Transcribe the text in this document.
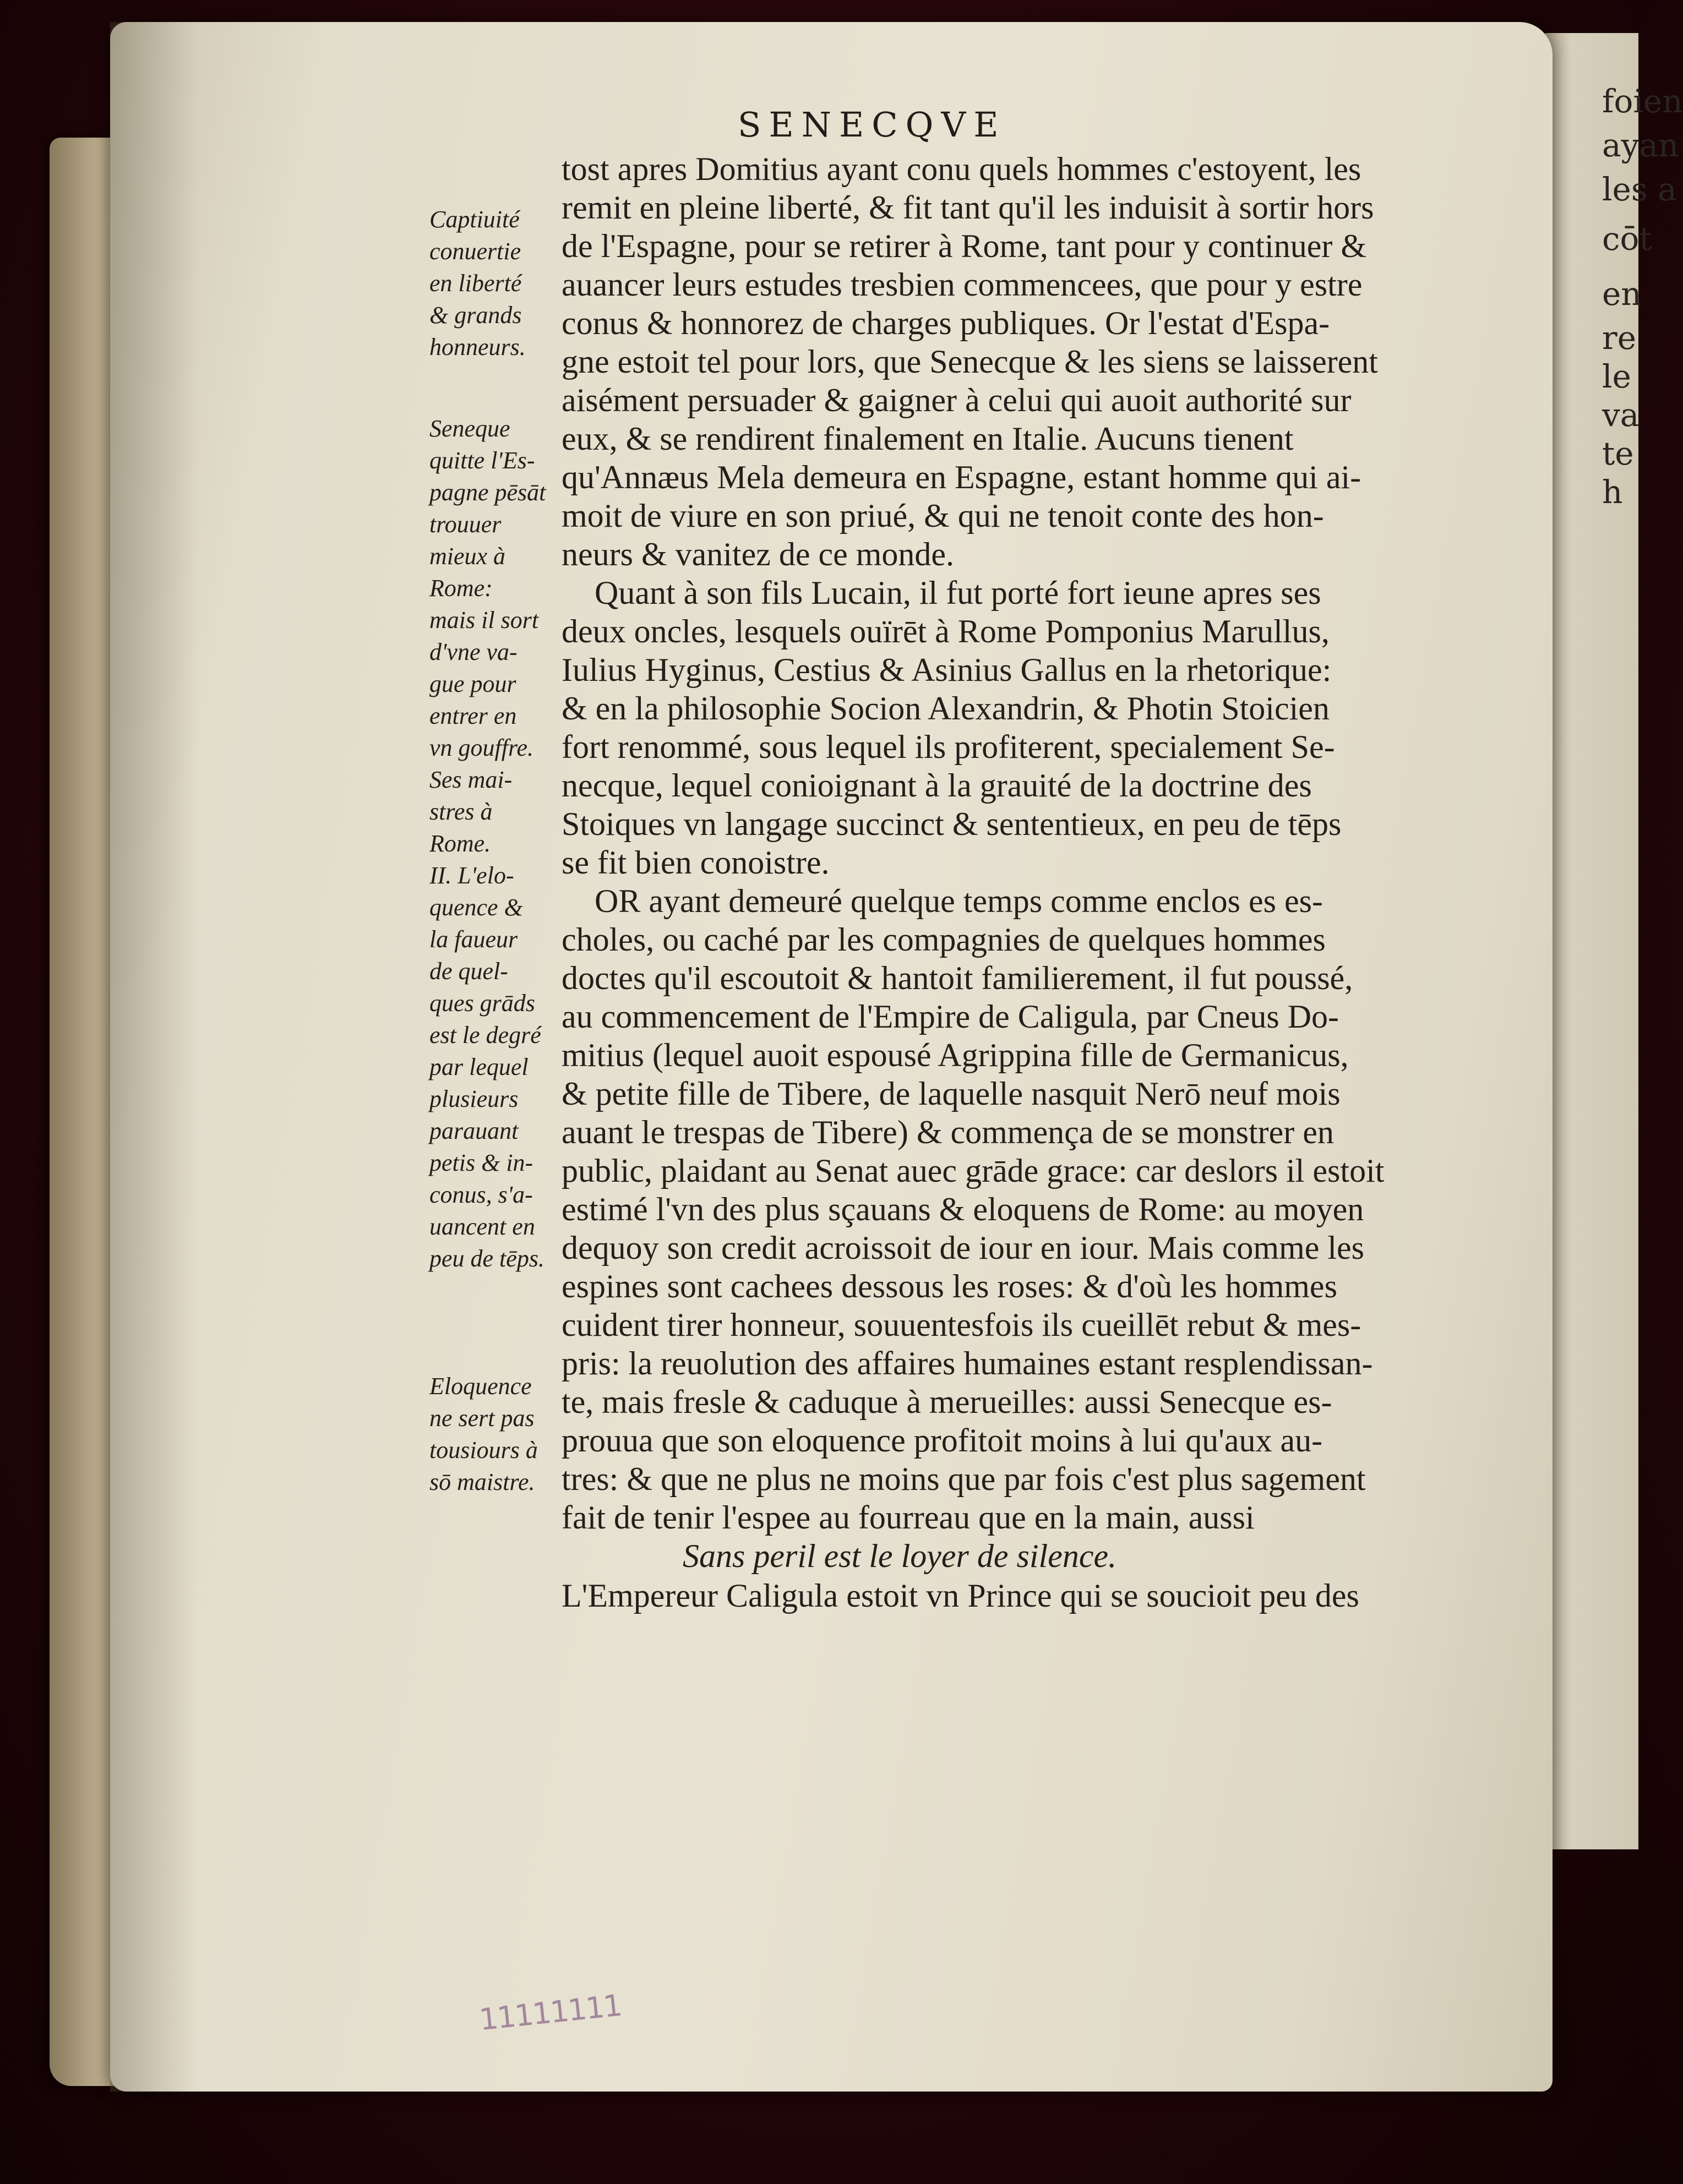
foien
ayan
les a
cōt
en
re
le
va
te
h
SENECQVE
tost apres Domitius ayant conu quels hommes c'estoyent, les
remit en pleine liberté, & fit tant qu'il les induisit à sortir hors
de l'Espagne, pour se retirer à Rome, tant pour y continuer &
auancer leurs estudes tresbien commencees, que pour y estre
conus & honnorez de charges publiques. Or l'estat d'Espa-
gne estoit tel pour lors, que Senecque & les siens se laisserent
aisément persuader & gaigner à celui qui auoit authorité sur
eux, & se rendirent finalement en Italie. Aucuns tienent
qu'Annæus Mela demeura en Espagne, estant homme qui ai-
moit de viure en son priué, & qui ne tenoit conte des hon-
neurs & vanitez de ce monde.
Quant à son fils Lucain, il fut porté fort ieune apres ses
deux oncles, lesquels ouïrēt à Rome Pomponius Marullus,
Iulius Hyginus, Cestius & Asinius Gallus en la rhetorique:
& en la philosophie Socion Alexandrin, & Photin Stoicien
fort renommé, sous lequel ils profiterent, specialement Se-
necque, lequel conioignant à la grauité de la doctrine des
Stoiques vn langage succinct & sententieux, en peu de tēps
se fit bien conoistre.
OR ayant demeuré quelque temps comme enclos es es-
choles, ou caché par les compagnies de quelques hommes
doctes qu'il escoutoit & hantoit familierement, il fut poussé,
au commencement de l'Empire de Caligula, par Cneus Do-
mitius (lequel auoit espousé Agrippina fille de Germanicus,
& petite fille de Tibere, de laquelle nasquit Nerō neuf mois
auant le trespas de Tibere) & commença de se monstrer en
public, plaidant au Senat auec grāde grace: car deslors il estoit
estimé l'vn des plus sçauans & eloquens de Rome: au moyen
dequoy son credit acroissoit de iour en iour. Mais comme les
espines sont cachees dessous les roses: & d'où les hommes
cuident tirer honneur, souuentesfois ils cueillēt rebut & mes-
pris: la reuolution des affaires humaines estant resplendissan-
te, mais fresle & caduque à merueilles: aussi Senecque es-
prouua que son eloquence profitoit moins à lui qu'aux au-
tres: & que ne plus ne moins que par fois c'est plus sagement
fait de tenir l'espee au fourreau que en la main, aussi
Sans peril est le loyer de silence.
L'Empereur Caligula estoit vn Prince qui se soucioit peu des
Captiuité
conuertie
en liberté
& grands
honneurs.
Seneque
quitte l'Es-
pagne pēsāt
trouuer
mieux à
Rome:
mais il sort
d'vne va-
gue pour
entrer en
vn gouffre.
Ses mai-
stres à
Rome.
II. L'elo-
quence &
la faueur
de quel-
ques grāds
est le degré
par lequel
plusieurs
parauant
petis & in-
conus, s'a-
uancent en
peu de tēps.
Eloquence
ne sert pas
tousiours à
sō maistre.
11111111
